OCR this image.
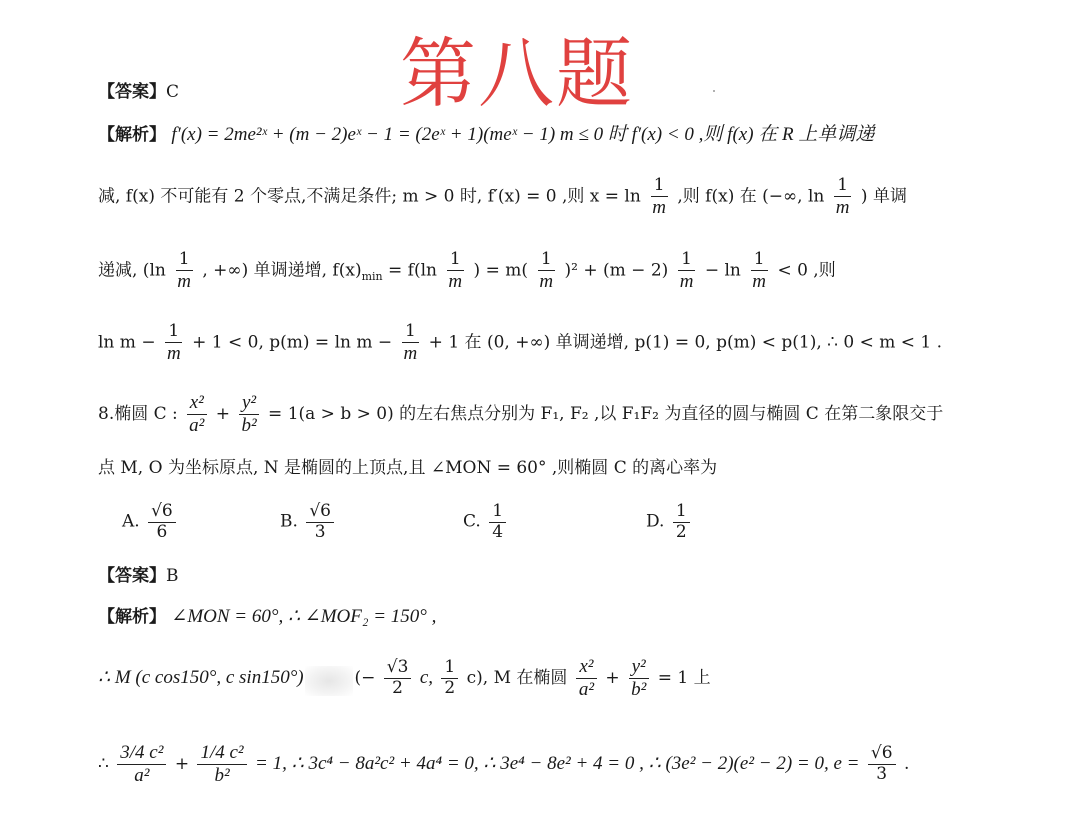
第八题
【答案】C
【解析】 f′(x) = 2me²ˣ + (m − 2)eˣ − 1 = (2eˣ + 1)(meˣ − 1) m ≤ 0 时 f′(x) < 0 ,则 f(x) 在 R 上单调递
减, f(x) 不可能有 2 个零点,不满足条件; m > 0 时, f′(x) = 0 ,则 $x = \ln \frac{1}{m}$ ,则 f(x) 在 (−∞, $\ln \frac{1}{m}$ ) 单调
递减, ($\ln \frac{1}{m}$ , +∞) 单调递增, $f(x)_{min} = f(\ln \frac{1}{m}$ ) = $m( \frac{1}{m} )^2 + (m - 2) \frac{1}{m} - \ln \frac{1}{m} < 0$ ,则
$\ln m - \frac{1}{m} + 1 < 0$, $p(m) = \ln m - \frac{1}{m} + 1$ 在 (0, +∞) 单调递增, p(1) = 0, p(m) < p(1), ∴ 0 < m < 1 .
8.椭圆 C : $\frac{\text{x²}}{\text{a²}} + \frac{\text{y²}}{\text{b²}} = 1(a > b > 0)$ 的左右焦点分别为 F₁, F₂ ,以 F₁F₂ 为直径的圆与椭圆 C 在第二象限交于
点 M, O 为坐标原点, N 是椭圆的上顶点,且 ∠MON = 60° ,则椭圆 C 的离心率为
A. $\frac{√6}{6}$	B. $\frac{√6}{3}$	C. $\frac{1}{4}$	D. $\frac{1}{2}$
【答案】B
【解析】 ∠MON = 60°, ∴ ∠MOF₂ = 150° ,
∴ M (c cos150°, c sin150°)	(− $\frac{√3}{2} c$, $\frac{1}{2} c$), M 在椭圆 $\frac{\text{x²}}{\text{a²}} + \frac{\text{y²}}{\text{b²}} = 1$ 上
∴ $\frac{\text{3/4 c²}}{\text{a²}} + \frac{\text{1/4 c²}}{\text{b²}} = 1$, ∴ 3c⁴ − 8a²c² + 4a⁴ = 0, ∴ 3e⁴ − 8e² + 4 = 0 , ∴ (3e² − 2)(e² − 2) = 0, $e = \frac{√6}{3}$ .
